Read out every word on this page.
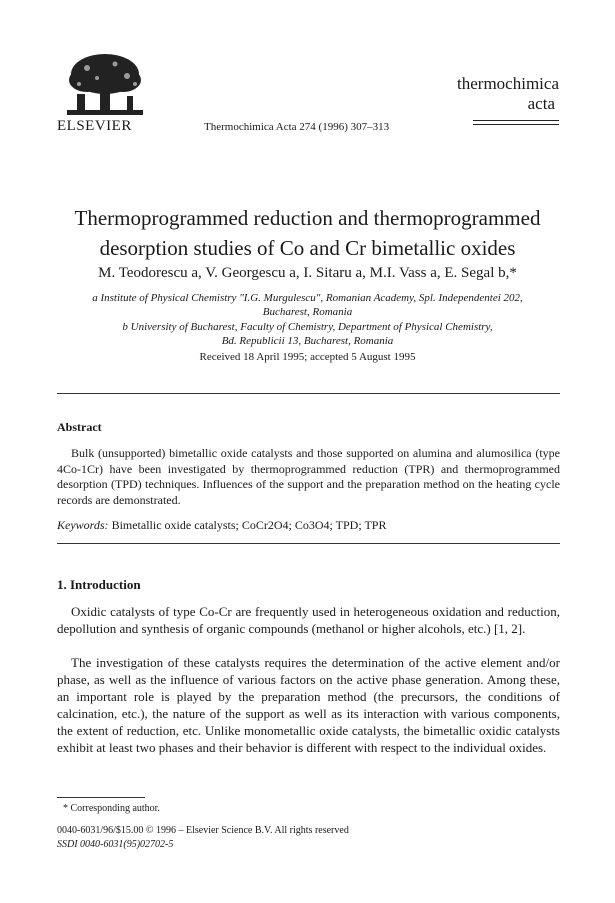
ELSEVIER	Thermochimica Acta 274 (1996) 307–313
thermochimica
acta
Thermoprogrammed reduction and thermoprogrammed
desorption studies of Co and Cr bimetallic oxides
M. Teodorescu a, V. Georgescu a, I. Sitaru a, M.I. Vass a, E. Segal b,*
a Institute of Physical Chemistry "I.G. Murgulescu", Romanian Academy, Spl. Independentei 202,
Bucharest, Romania
b University of Bucharest, Faculty of Chemistry, Department of Physical Chemistry,
Bd. Republicii 13, Bucharest, Romania
Received 18 April 1995; accepted 5 August 1995
Abstract
Bulk (unsupported) bimetallic oxide catalysts and those supported on alumina and alumosilica (type 4Co-1Cr) have been investigated by thermoprogrammed reduction (TPR) and thermoprogrammed desorption (TPD) techniques. Influences of the support and the preparation method on the heating cycle records are demonstrated.
Keywords: Bimetallic oxide catalysts; CoCr2O4; Co3O4; TPD; TPR
1. Introduction
Oxidic catalysts of type Co-Cr are frequently used in heterogeneous oxidation and reduction, depollution and synthesis of organic compounds (methanol or higher alcohols, etc.) [1, 2].
The investigation of these catalysts requires the determination of the active element and/or phase, as well as the influence of various factors on the active phase generation. Among these, an important role is played by the preparation method (the precursors, the conditions of calcination, etc.), the nature of the support as well as its interaction with various components, the extent of reduction, etc. Unlike monometallic oxide catalysts, the bimetallic oxidic catalysts exhibit at least two phases and their behavior is different with respect to the individual oxides.
* Corresponding author.
0040-6031/96/$15.00 © 1996 – Elsevier Science B.V. All rights reserved
SSDI 0040-6031(95)02702-5
